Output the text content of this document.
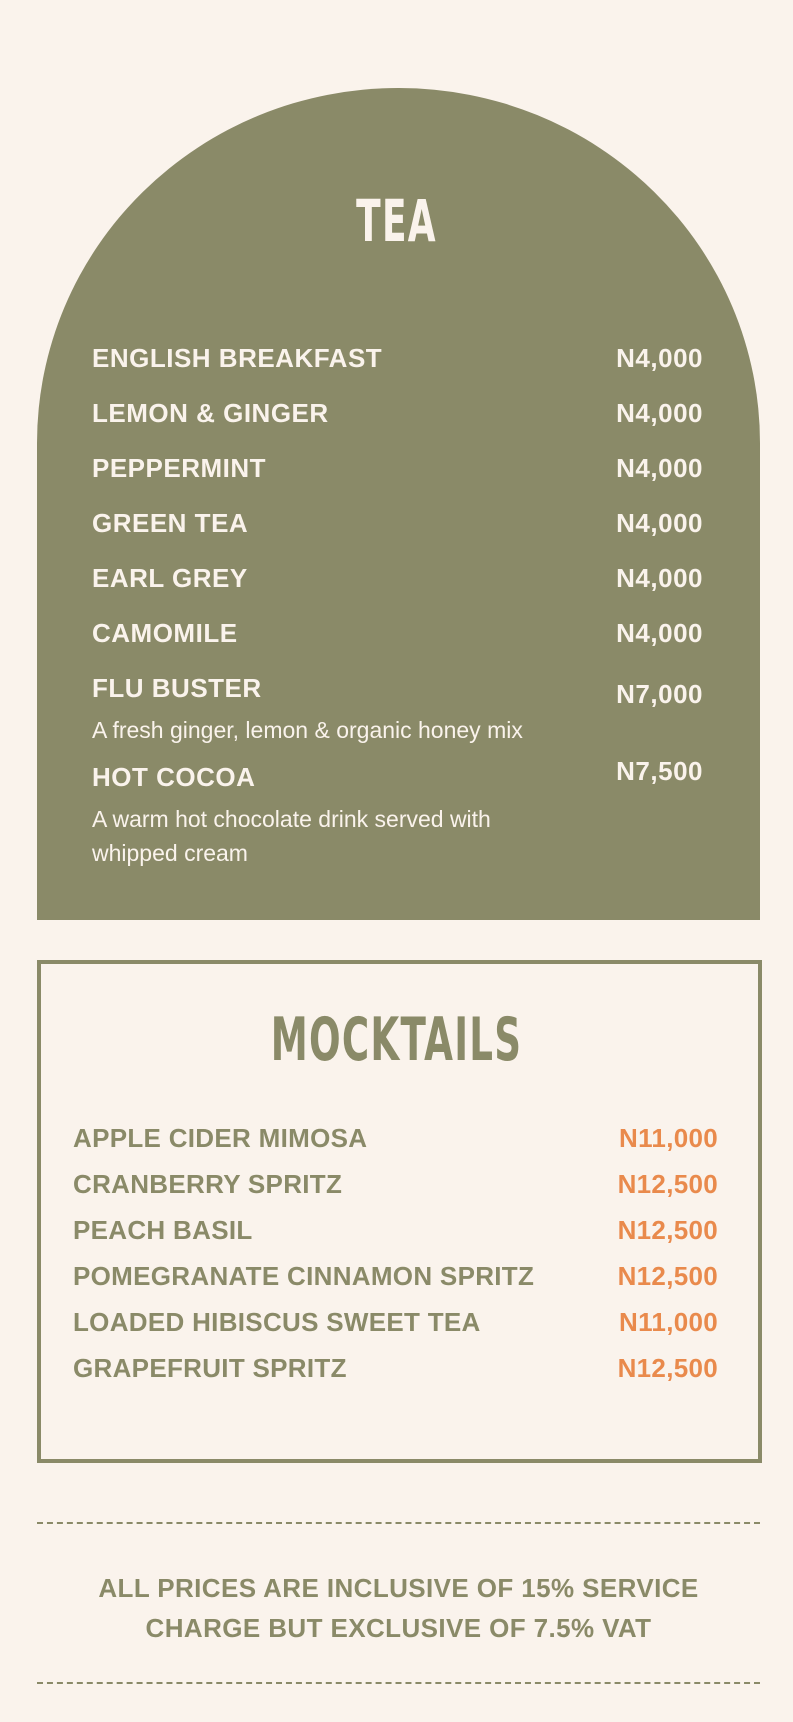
TEA
ENGLISH BREAKFAST	N4,000
LEMON & GINGER	N4,000
PEPPERMINT	N4,000
GREEN TEA	N4,000
EARL GREY	N4,000
CAMOMILE	N4,000
FLU BUSTER	N7,000
A fresh ginger, lemon & organic honey mix
HOT COCOA	N7,500
A warm hot chocolate drink served with whipped cream
MOCKTAILS
APPLE CIDER MIMOSA	N11,000
CRANBERRY SPRITZ	N12,500
PEACH BASIL	N12,500
POMEGRANATE CINNAMON SPRITZ	N12,500
LOADED HIBISCUS SWEET TEA	N11,000
GRAPEFRUIT SPRITZ	N12,500
ALL PRICES ARE INCLUSIVE OF 15% SERVICE
CHARGE BUT EXCLUSIVE OF 7.5% VAT
